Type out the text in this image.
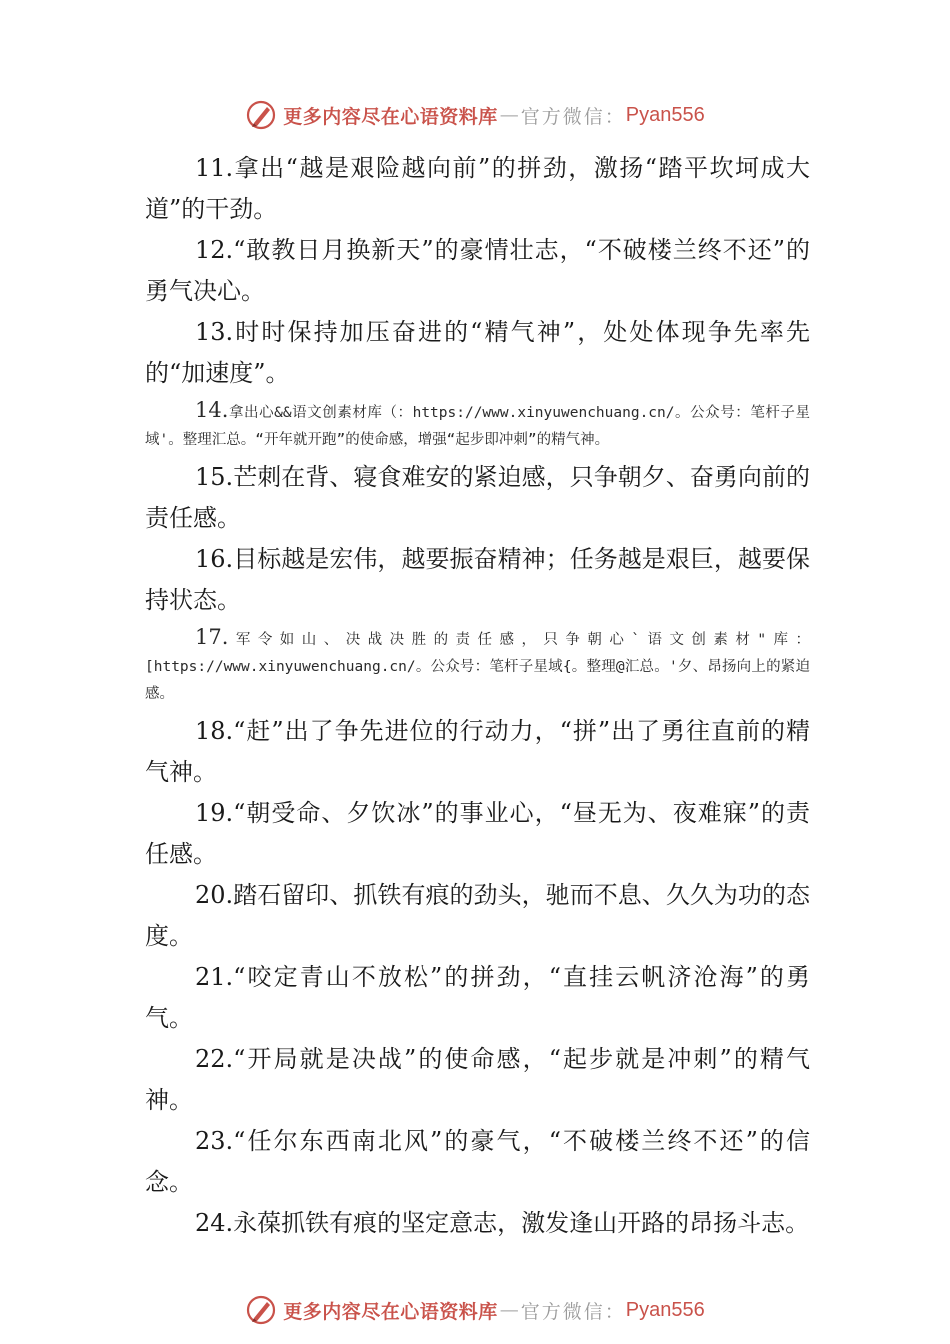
更多内容尽在心语资料库 — 官方微信： Pyan556

11.拿出“越是艰险越向前”的拼劲，激扬“踏平坎坷成大道”的干劲。

12.“敢教日月换新天”的豪情壮志，“不破楼兰终不还”的勇气决心。

13.时时保持加压奋进的“精气神”，处处体现争先率先的“加速度”。

14.拿出心&&语文创素材库（：https://www.xinyuwenchuang.cn/。公众号：笔杆子星域'。整理汇总。“开年就开跑”的使命感，增强“起步即冲刺”的精气神。

15.芒刺在背、寝食难安的紧迫感，只争朝夕、奋勇向前的责任感。

16.目标越是宏伟，越要振奋精神；任务越是艰巨，越要保持状态。

17.军令如山、决战决胜的责任感，只争朝心`语文创素材"库：[https://www.xinyuwenchuang.cn/。公众号：笔杆子星域{。整理@汇总。'夕、昂扬向上的紧迫感。

18.“赶”出了争先进位的行动力，“拼”出了勇往直前的精气神。

19.“朝受命、夕饮冰”的事业心，“昼无为、夜难寐”的责任感。

20.踏石留印、抓铁有痕的劲头，驰而不息、久久为功的态度。

21.“咬定青山不放松”的拼劲，“直挂云帆济沧海”的勇气。

22.“开局就是决战”的使命感，“起步就是冲刺”的精气神。

23.“任尔东西南北风”的豪气，“不破楼兰终不还”的信念。

24.永葆抓铁有痕的坚定意志，激发逢山开路的昂扬斗志。

更多内容尽在心语资料库 — 官方微信： Pyan556
